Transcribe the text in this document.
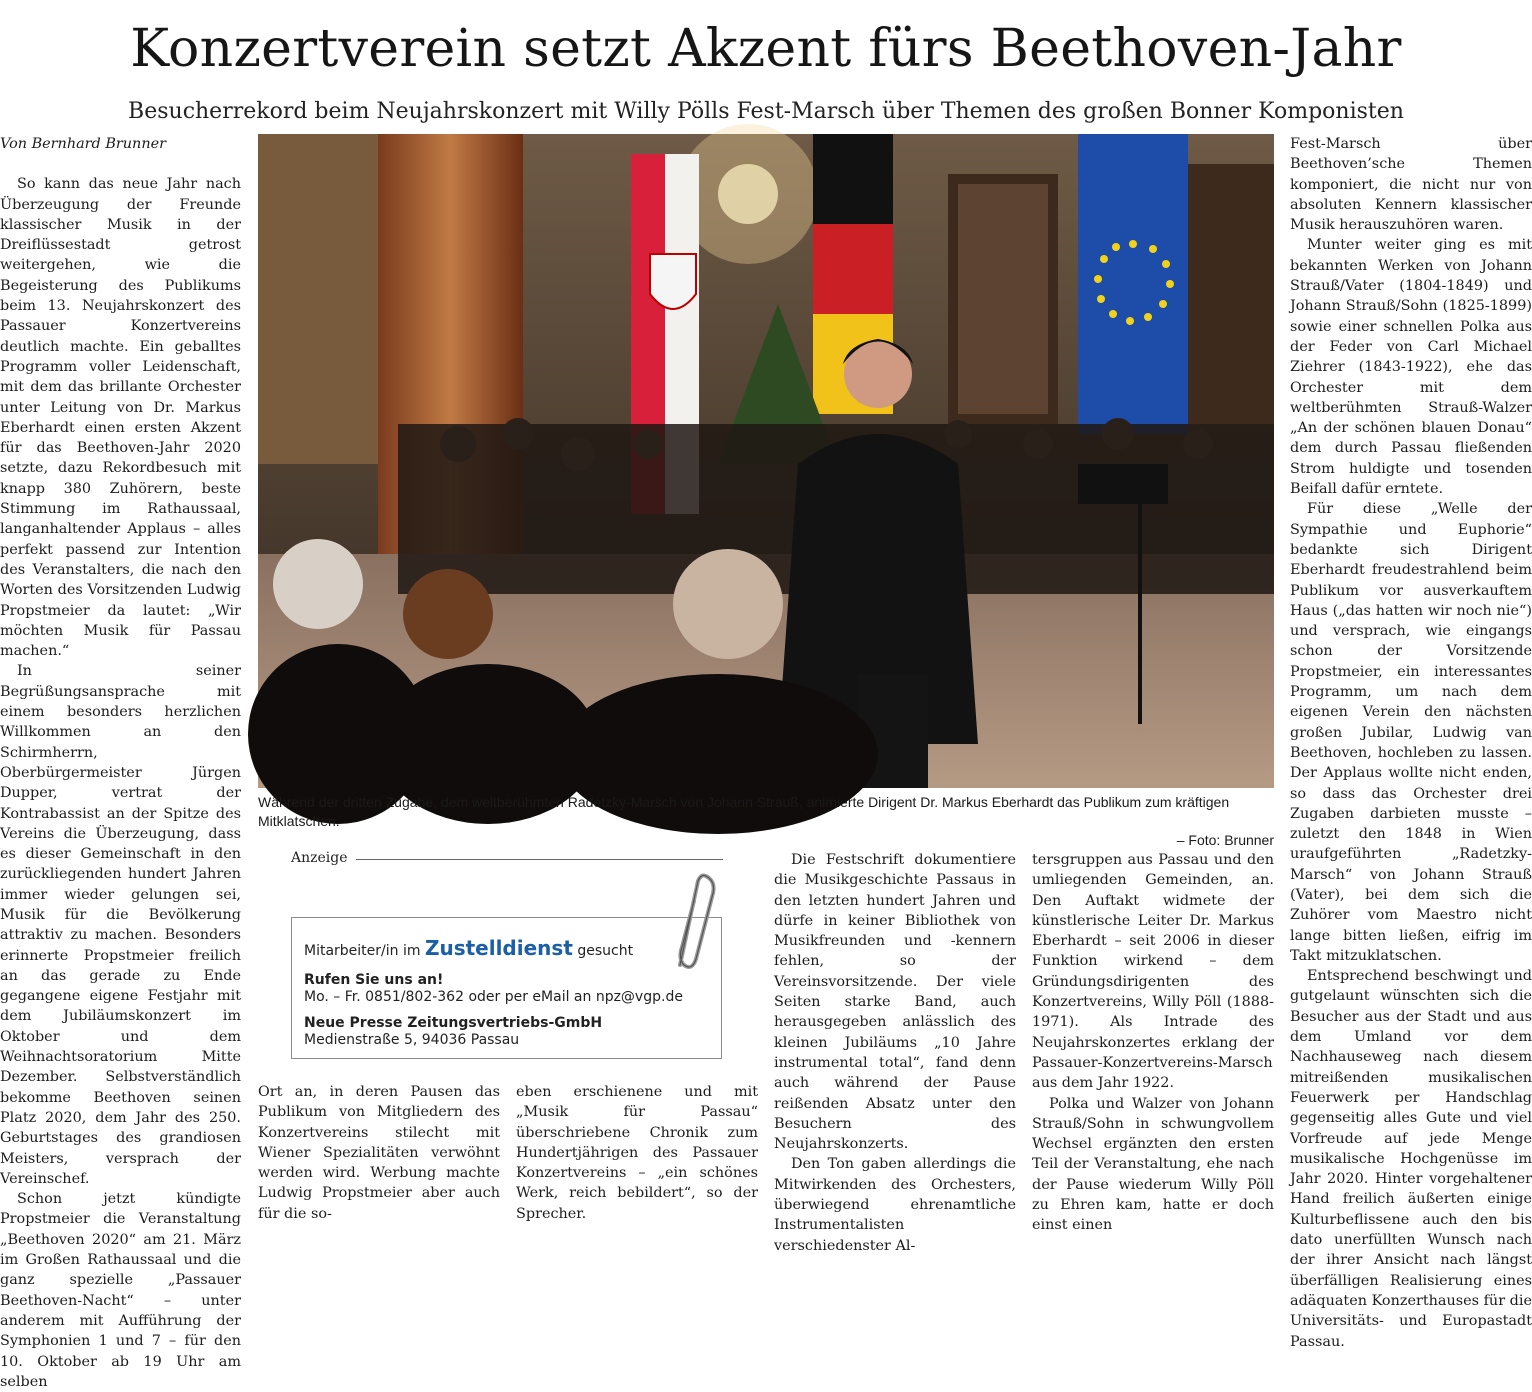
Konzertverein setzt Akzent fürs Beethoven-Jahr
Besucherrekord beim Neujahrskonzert mit Willy Pölls Fest-Marsch über Themen des großen Bonner Komponisten

Von Bernhard Brunner

So kann das neue Jahr nach Überzeugung der Freunde klassischer Musik in der Dreiflüssestadt getrost weitergehen, wie die Begeisterung des Publikums beim 13. Neujahrskonzert des Passauer Konzertvereins deutlich machte. Ein geballtes Programm voller Leidenschaft, mit dem das brillante Orchester unter Leitung von Dr. Markus Eberhardt einen ersten Akzent für das Beethoven-Jahr 2020 setzte, dazu Rekordbesuch mit knapp 380 Zuhörern, beste Stimmung im Rathaussaal, langanhaltender Applaus – alles perfekt passend zur Intention des Veranstalters, die nach den Worten des Vorsitzenden Ludwig Propstmeier da lautet: „Wir möchten Musik für Passau machen.“

In seiner Begrüßungsansprache mit einem besonders herzlichen Willkommen an den Schirmherrn, Oberbürgermeister Jürgen Dupper, vertrat der Kontrabassist an der Spitze des Vereins die Überzeugung, dass es dieser Gemeinschaft in den zurückliegenden hundert Jahren immer wieder gelungen sei, Musik für die Bevölkerung attraktiv zu machen. Besonders erinnerte Propstmeier freilich an das gerade zu Ende gegangene eigene Festjahr mit dem Jubiläumskonzert im Oktober und dem Weihnachtsoratorium Mitte Dezember. Selbstverständlich bekomme Beethoven seinen Platz 2020, dem Jahr des 250. Geburtstages des grandiosen Meisters, versprach der Vereinschef.

Schon jetzt kündigte Propstmeier die Veranstaltung „Beethoven 2020“ am 21. März im Großen Rathaussaal und die ganz spezielle „Passauer Beethoven-Nacht“ – unter anderem mit Aufführung der Symphonien 1 und 7 – für den 10. Oktober ab 19 Uhr am selben

Während der dritten Zugabe, dem weltberühmten Radetzky-Marsch von Johann Strauß, animierte Dirigent Dr. Markus Eberhardt das Publikum zum kräftigen Mitklatschen.
– Foto: Brunner
Anzeige
Mitarbeiter/in im Zustelldienst gesucht
Rufen Sie uns an!
Mo. – Fr. 0851/802-362 oder per eMail an npz@vgp.de
Neue Presse Zeitungsvertriebs-GmbH
Medienstraße 5, 94036 Passau

Ort an, in deren Pausen das Publikum von Mitgliedern des Konzertvereins stilecht mit Wiener Spezialitäten verwöhnt werden wird. Werbung machte Ludwig Propstmeier aber auch für die so-

eben erschienene und mit „Musik für Passau“ überschriebene Chronik zum Hundertjährigen des Passauer Konzertvereins – „ein schönes Werk, reich bebildert“, so der Sprecher.

Die Festschrift dokumentiere die Musikgeschichte Passaus in den letzten hundert Jahren und dürfe in keiner Bibliothek von Musikfreunden und -kennern fehlen, so der Vereinsvorsitzende. Der viele Seiten starke Band, auch herausgegeben anlässlich des kleinen Jubiläums „10 Jahre instrumental total“, fand denn auch während der Pause reißenden Absatz unter den Besuchern des Neujahrskonzerts.

Den Ton gaben allerdings die Mitwirkenden des Orchesters, überwiegend ehrenamtliche Instrumentalisten verschiedenster Al-

tersgruppen aus Passau und den umliegenden Gemeinden, an. Den Auftakt widmete der künstlerische Leiter Dr. Markus Eberhardt – seit 2006 in dieser Funktion wirkend – dem Gründungsdirigenten des Konzertvereins, Willy Pöll (1888-1971). Als Intrade des Neujahrskonzertes erklang der Passauer-Konzertvereins-Marsch aus dem Jahr 1922.

Polka und Walzer von Johann Strauß/Sohn in schwungvollem Wechsel ergänzten den ersten Teil der Veranstaltung, ehe nach der Pause wiederum Willy Pöll zu Ehren kam, hatte er doch einst einen

Fest-Marsch über Beethoven’sche Themen komponiert, die nicht nur von absoluten Kennern klassischer Musik herauszuhören waren.

Munter weiter ging es mit bekannten Werken von Johann Strauß/Vater (1804-1849) und Johann Strauß/Sohn (1825-1899) sowie einer schnellen Polka aus der Feder von Carl Michael Ziehrer (1843-1922), ehe das Orchester mit dem weltberühmten Strauß-Walzer „An der schönen blauen Donau“ dem durch Passau fließenden Strom huldigte und tosenden Beifall dafür erntete.

Für diese „Welle der Sympathie und Euphorie“ bedankte sich Dirigent Eberhardt freudestrahlend beim Publikum vor ausverkauftem Haus („das hatten wir noch nie“) und versprach, wie eingangs schon der Vorsitzende Propstmeier, ein interessantes Programm, um nach dem eigenen Verein den nächsten großen Jubilar, Ludwig van Beethoven, hochleben zu lassen. Der Applaus wollte nicht enden, so dass das Orchester drei Zugaben darbieten musste – zuletzt den 1848 in Wien uraufgeführten „Radetzky-Marsch“ von Johann Strauß (Vater), bei dem sich die Zuhörer vom Maestro nicht lange bitten ließen, eifrig im Takt mitzuklatschen.

Entsprechend beschwingt und gutgelaunt wünschten sich die Besucher aus der Stadt und aus dem Umland vor dem Nachhauseweg nach diesem mitreißenden musikalischen Feuerwerk per Handschlag gegenseitig alles Gute und viel Vorfreude auf jede Menge musikalische Hochgenüsse im Jahr 2020. Hinter vorgehaltener Hand freilich äußerten einige Kulturbeflissene auch den bis dato unerfüllten Wunsch nach der ihrer Ansicht nach längst überfälligen Realisierung eines adäquaten Konzerthauses für die Universitäts- und Europastadt Passau.
